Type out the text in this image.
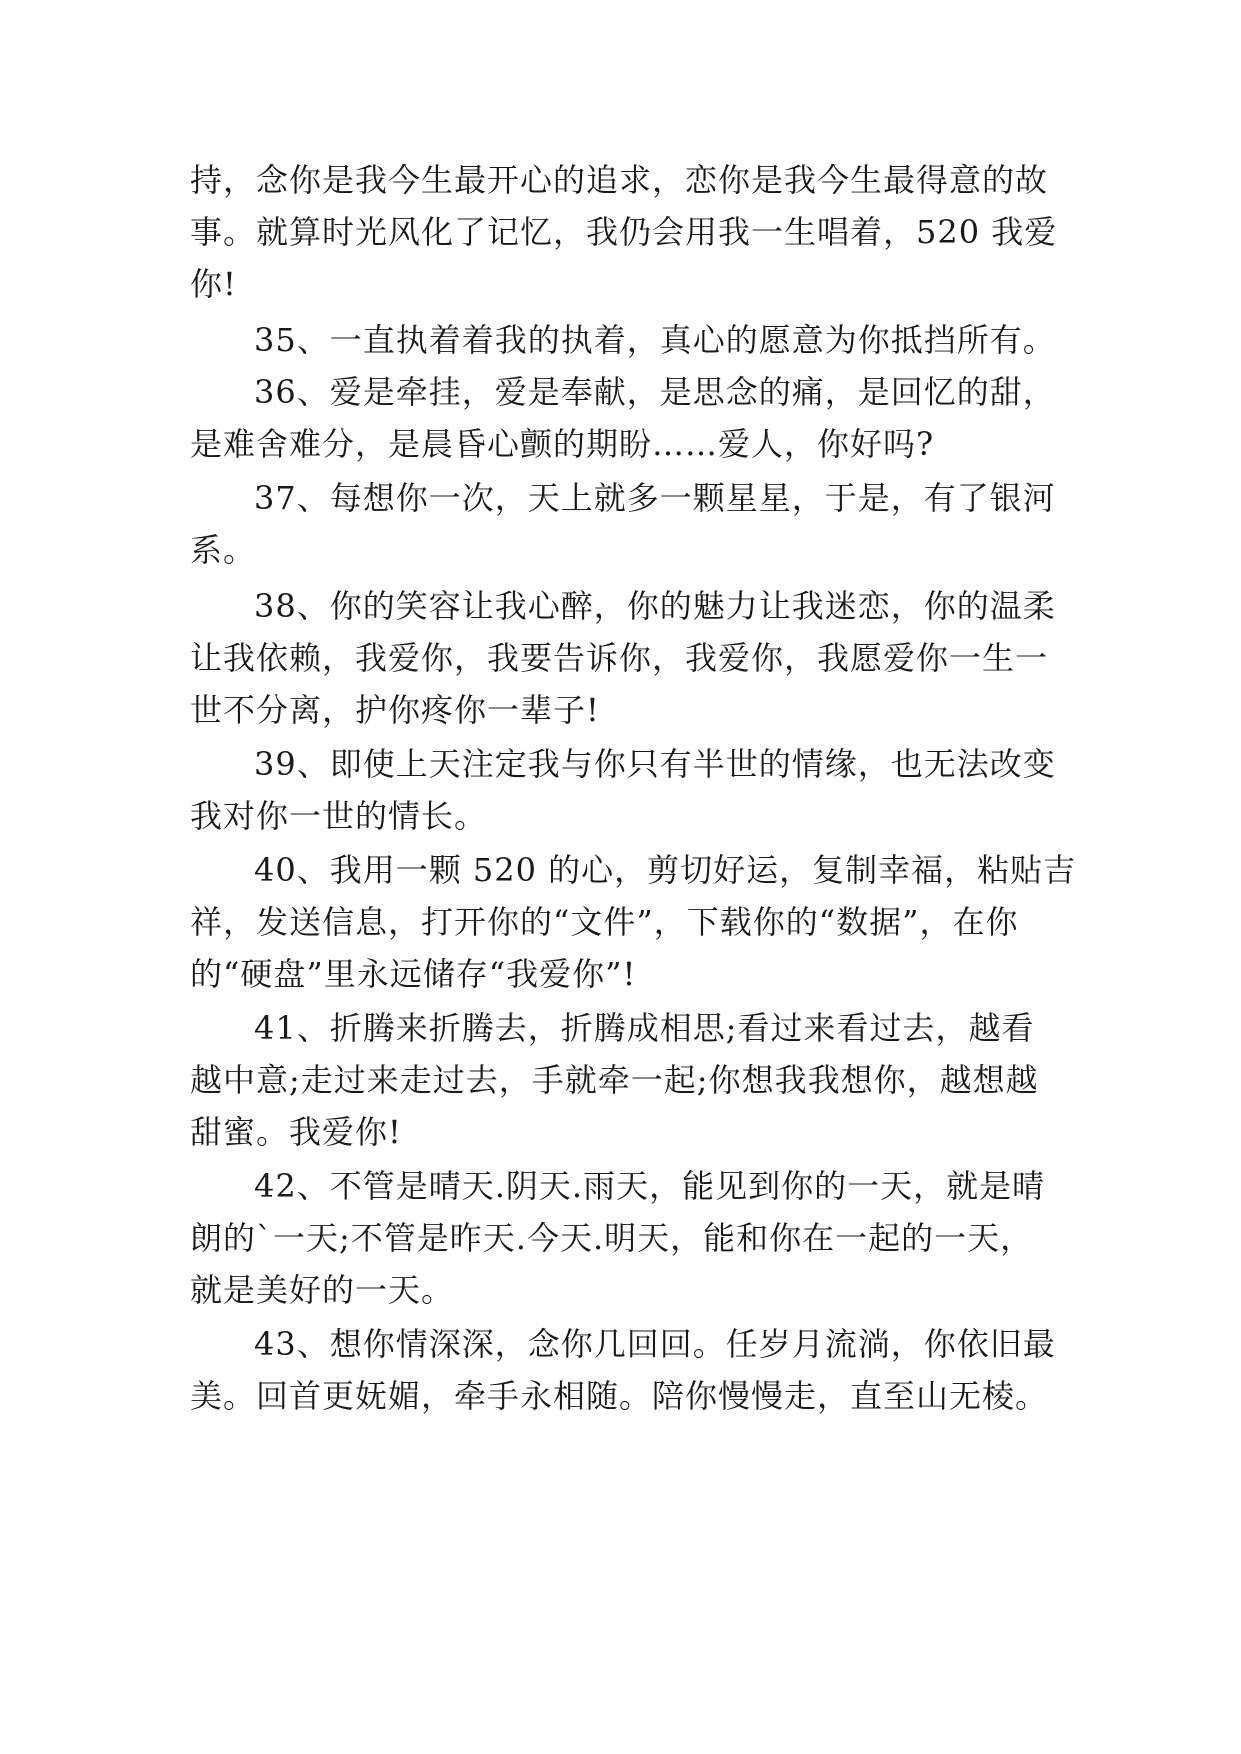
持，念你是我今生最开心的追求，恋你是我今生最得意的故
事。就算时光风化了记忆，我仍会用我一生唱着，520 我爱
你!
35、一直执着着我的执着，真心的愿意为你抵挡所有。
36、爱是牵挂，爱是奉献，是思念的痛，是回忆的甜，
是难舍难分，是晨昏心颤的期盼……爱人，你好吗?
37、每想你一次，天上就多一颗星星，于是，有了银河
系。
38、你的笑容让我心醉，你的魅力让我迷恋，你的温柔
让我依赖，我爱你，我要告诉你，我爱你，我愿爱你一生一
世不分离，护你疼你一辈子!
39、即使上天注定我与你只有半世的情缘，也无法改变
我对你一世的情长。
40、我用一颗 520 的心，剪切好运，复制幸福，粘贴吉
祥，发送信息，打开你的“文件”，下载你的“数据”，在你
的“硬盘”里永远储存“我爱你”!
41、折腾来折腾去，折腾成相思;看过来看过去，越看
越中意;走过来走过去，手就牵一起;你想我我想你，越想越
甜蜜。我爱你!
42、不管是晴天.阴天.雨天，能见到你的一天，就是晴
朗的`一天;不管是昨天.今天.明天，能和你在一起的一天，
就是美好的一天。
43、想你情深深，念你几回回。任岁月流淌，你依旧最
美。回首更妩媚，牵手永相随。陪你慢慢走，直至山无棱。
